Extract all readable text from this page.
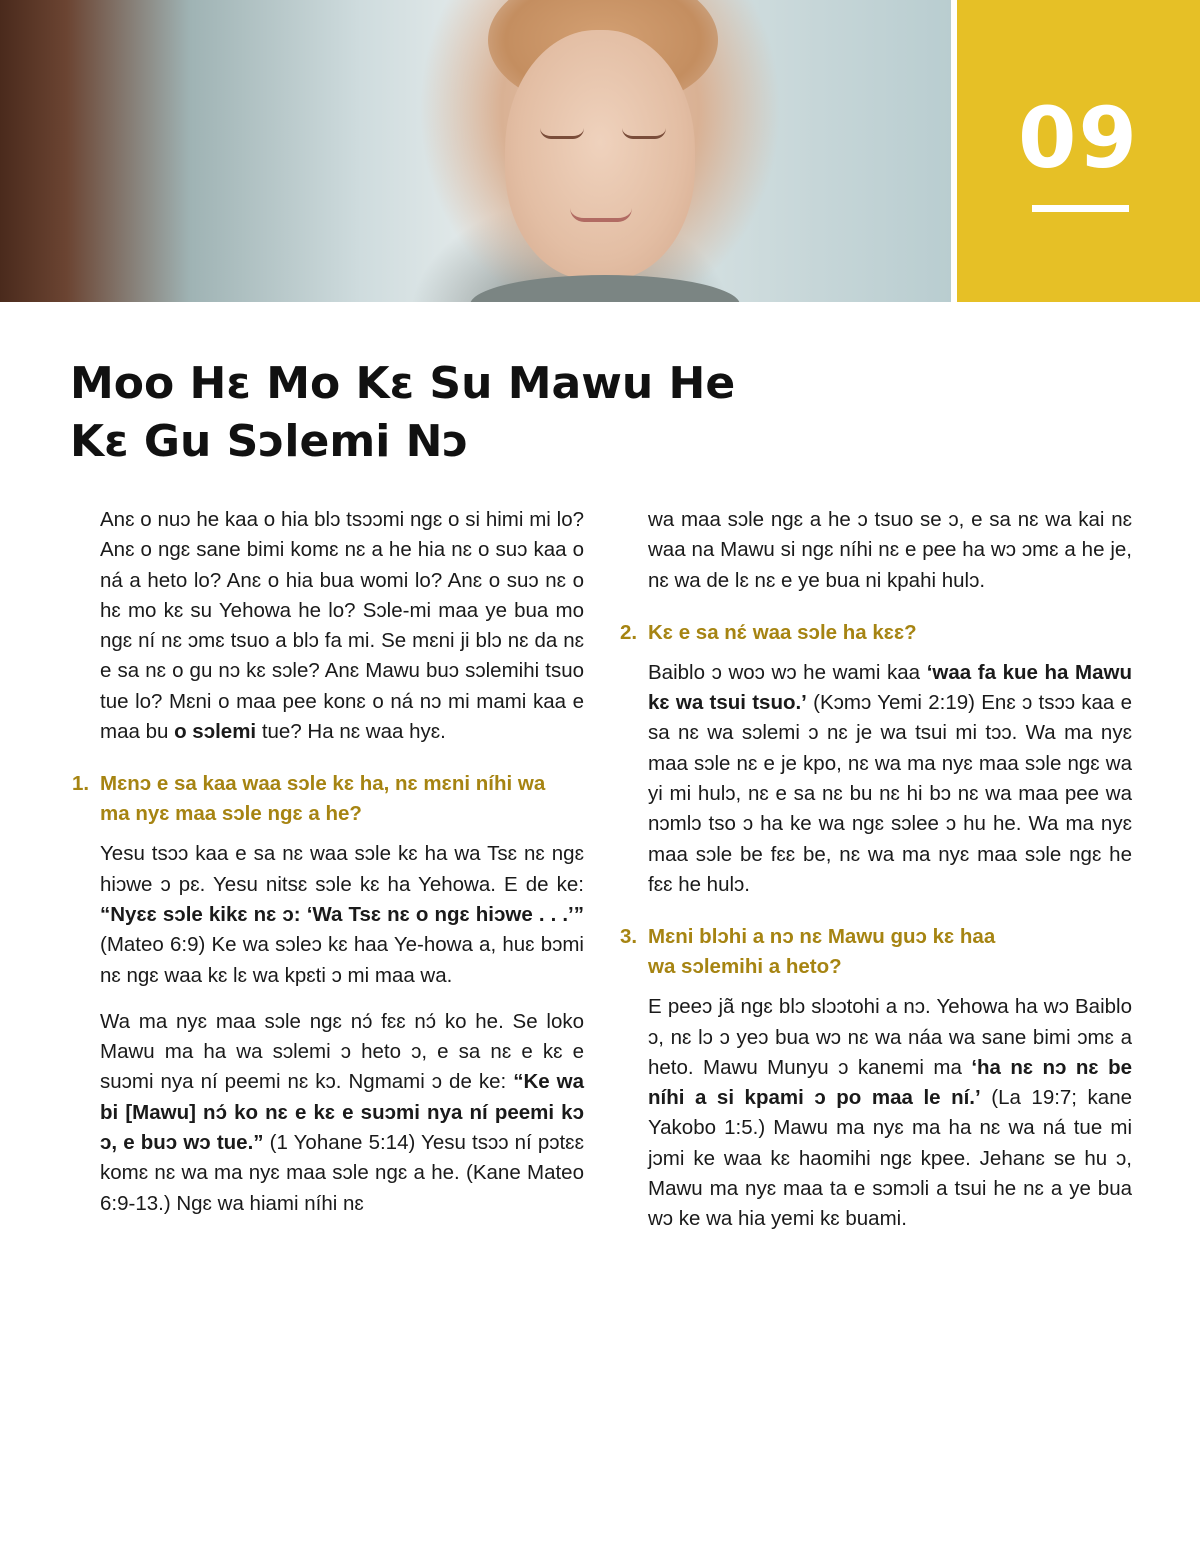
09
Moo Hɛ Mo Kɛ Su Mawu He
Kɛ Gu Sɔlemi Nɔ

Anɛ o nuɔ he kaa o hia blɔ tsɔɔmi ngɛ o si himi mi lo? Anɛ o ngɛ sane bimi komɛ nɛ a he hia nɛ o suɔ kaa o ná a heto lo? Anɛ o hia bua womi lo? Anɛ o suɔ nɛ o hɛ mo kɛ su Yehowa he lo? Sɔle-mi maa ye bua mo ngɛ ní nɛ ɔmɛ tsuo a blɔ fa mi. Se mɛni ji blɔ nɛ da nɛ e sa nɛ o gu nɔ kɛ sɔle? Anɛ Mawu buɔ sɔlemihi tsuo tue lo? Mɛni o maa pee konɛ o ná nɔ mi mami kaa e maa bu o sɔlemi tue? Ha nɛ waa hyɛ.

1. Mɛnɔ e sa kaa waa sɔle kɛ ha, nɛ mɛni níhi wa
ma nyɛ maa sɔle ngɛ a he?

Yesu tsɔɔ kaa e sa nɛ waa sɔle kɛ ha wa Tsɛ nɛ ngɛ hiɔwe ɔ pɛ. Yesu nitsɛ sɔle kɛ ha Yehowa. E de ke: “Nyɛɛ sɔle kikɛ nɛ ɔ: ‘Wa Tsɛ nɛ o ngɛ hiɔwe . . .’” (Mateo 6:9) Ke wa sɔleɔ kɛ haa Ye-howa a, huɛ bɔmi nɛ ngɛ waa kɛ lɛ wa kpɛti ɔ mi maa wa.

Wa ma nyɛ maa sɔle ngɛ nɔ́ fɛɛ nɔ́ ko he. Se loko Mawu ma ha wa sɔlemi ɔ heto ɔ, e sa nɛ e kɛ e suɔmi nya ní peemi nɛ kɔ. Ngmami ɔ de ke: “Ke wa bi [Mawu] nɔ́ ko nɛ e kɛ e suɔmi nya ní peemi kɔ ɔ, e buɔ wɔ tue.” (1 Yohane 5:14) Yesu tsɔɔ ní pɔtɛɛ komɛ nɛ wa ma nyɛ maa sɔle ngɛ a he. (Kane Mateo 6:9-13.) Ngɛ wa hiami níhi nɛ

wa maa sɔle ngɛ a he ɔ tsuo se ɔ, e sa nɛ wa kai nɛ waa na Mawu si ngɛ níhi nɛ e pee ha wɔ ɔmɛ a he je, nɛ wa de lɛ nɛ e ye bua ni kpahi hulɔ.

2. Kɛ e sa nɛ́ waa sɔle ha kɛɛ?

Baiblo ɔ woɔ wɔ he wami kaa ‘waa fa kue ha Mawu kɛ wa tsui tsuo.’ (Kɔmɔ Yemi 2:19) Enɛ ɔ tsɔɔ kaa e sa nɛ wa sɔlemi ɔ nɛ je wa tsui mi tɔɔ. Wa ma nyɛ maa sɔle nɛ e je kpo, nɛ wa ma nyɛ maa sɔle ngɛ wa yi mi hulɔ, nɛ e sa nɛ bu nɛ hi bɔ nɛ wa maa pee wa nɔmlɔ tso ɔ ha ke wa ngɛ sɔlee ɔ hu he. Wa ma nyɛ maa sɔle be fɛɛ be, nɛ wa ma nyɛ maa sɔle ngɛ he fɛɛ he hulɔ.

3. Mɛni blɔhi a nɔ nɛ Mawu guɔ kɛ haa
wa sɔlemihi a heto?

E peeɔ jã ngɛ blɔ slɔɔtohi a nɔ. Yehowa ha wɔ Baiblo ɔ, nɛ lɔ ɔ yeɔ bua wɔ nɛ wa náa wa sane bimi ɔmɛ a heto. Mawu Munyu ɔ kanemi ma ‘ha nɛ nɔ nɛ be níhi a si kpami ɔ po maa le ní.’ (La 19:7; kane Yakobo 1:5.) Mawu ma nyɛ ma ha nɛ wa ná tue mi jɔmi ke waa kɛ haomihi ngɛ kpee. Jehanɛ se hu ɔ, Mawu ma nyɛ maa ta e sɔmɔli a tsui he nɛ a ye bua wɔ ke wa hia yemi kɛ buami.
